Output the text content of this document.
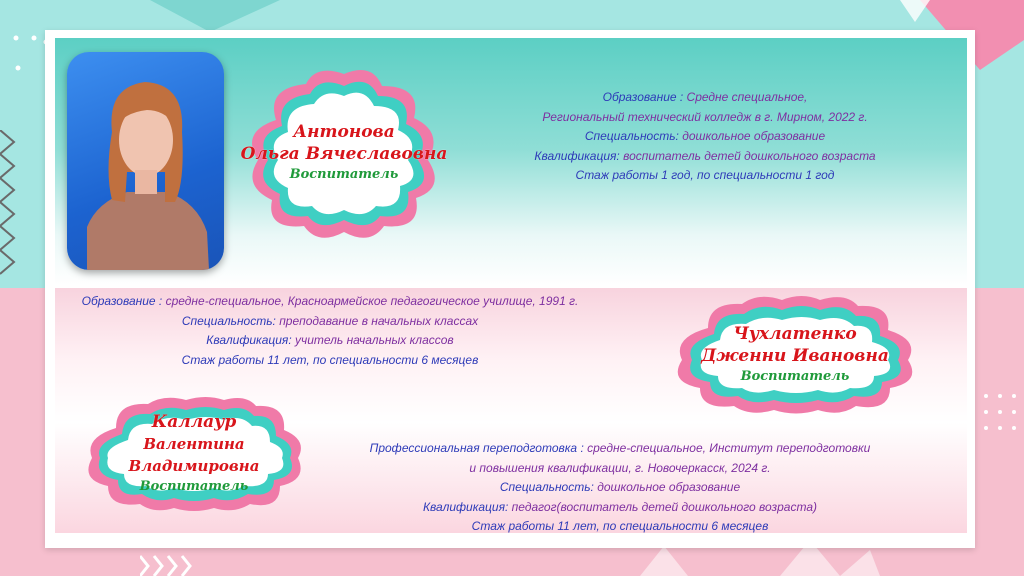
Антонова
Ольга Вячеславовна
Воспитатель
Образование : Средне специальное,
Региональный технический колледж в г. Мирном, 2022 г.
Специальность: дошкольное образование
Квалификация: воспитатель детей дошкольного возраста
Стаж работы 1 год, по специальности 1 год
Образование : средне-специальное, Красноармейское педагогическое училище, 1991 г.
Специальность: преподавание в начальных классах
Квалификация: учитель начальных классов
Стаж работы 11 лет, по специальности 6 месяцев
Чухлатенко
Дженни Ивановна
Воспитатель
Каллаур
Валентина Владимировна
Воспитатель
Профессиональная переподготовка : средне-специальное, Институт переподготовки
и повышения квалификации, г. Новочеркасск, 2024 г.
Специальность: дошкольное образование
Квалификация: педагог(воспитатель детей дошкольного возраста)
Стаж работы 11 лет, по специальности 6 месяцев
